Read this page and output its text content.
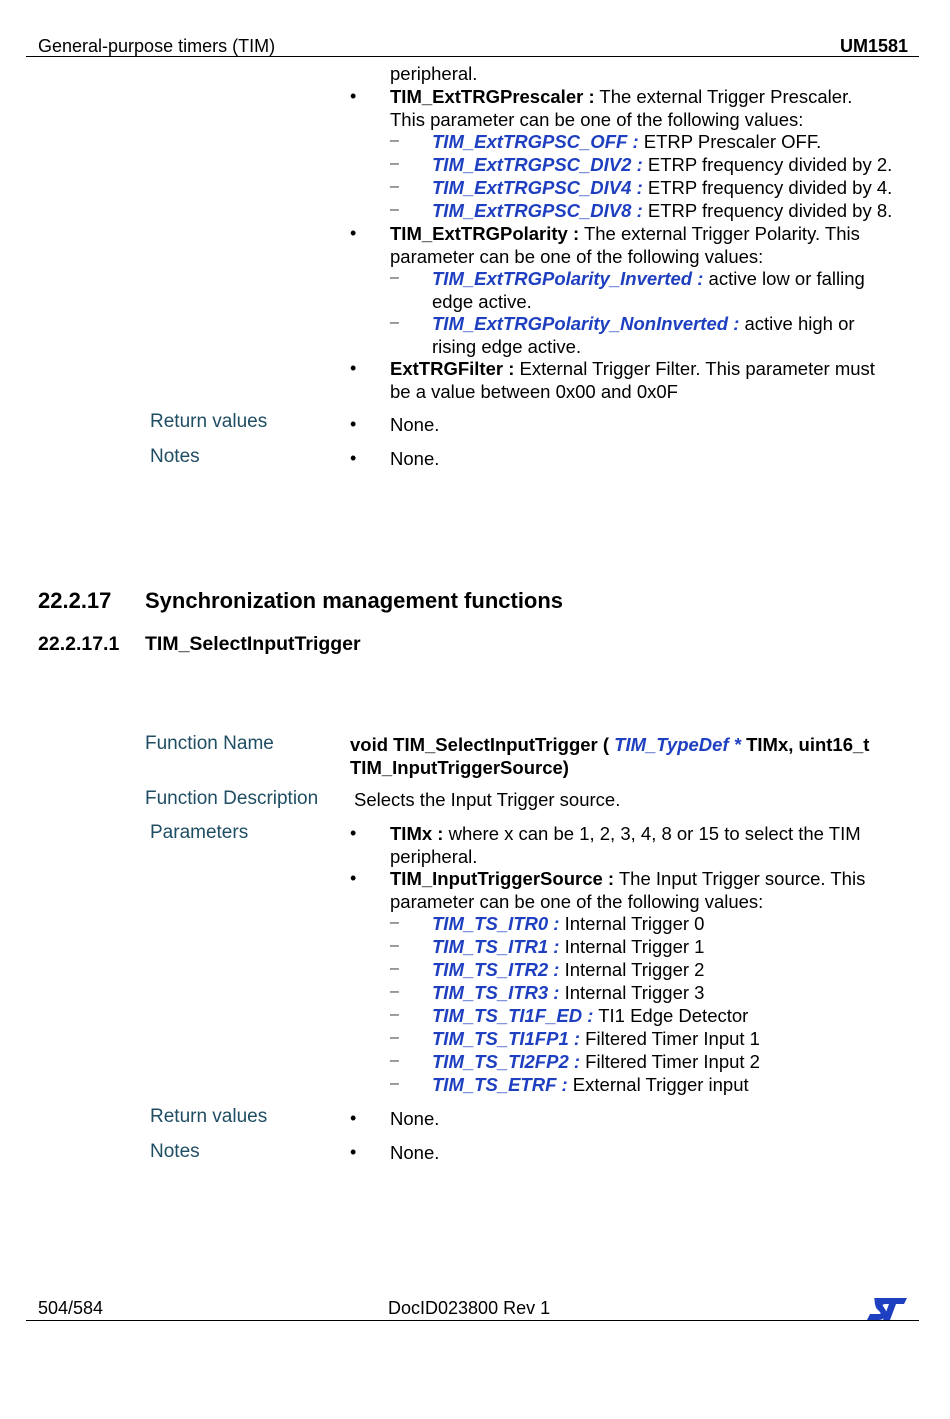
General-purpose timers (TIM)	UM1581
peripheral.
• TIM_ExtTRGPrescaler : The external Trigger Prescaler.
This parameter can be one of the following values:
– TIM_ExtTRGPSC_OFF : ETRP Prescaler OFF.
– TIM_ExtTRGPSC_DIV2 : ETRP frequency divided by 2.
– TIM_ExtTRGPSC_DIV4 : ETRP frequency divided by 4.
– TIM_ExtTRGPSC_DIV8 : ETRP frequency divided by 8.
• TIM_ExtTRGPolarity : The external Trigger Polarity. This
parameter can be one of the following values:
– TIM_ExtTRGPolarity_Inverted : active low or falling
edge active.
– TIM_ExtTRGPolarity_NonInverted : active high or
rising edge active.
• ExtTRGFilter : External Trigger Filter. This parameter must
be a value between 0x00 and 0x0F
Return values	• None.
Notes	• None.
22.2.17 Synchronization management functions
22.2.17.1 TIM_SelectInputTrigger
Function Name	void TIM_SelectInputTrigger ( TIM_TypeDef * TIMx, uint16_t
TIM_InputTriggerSource)
Function Description Selects the Input Trigger source.
Parameters	• TIMx : where x can be 1, 2, 3, 4, 8 or 15 to select the TIM
peripheral.
• TIM_InputTriggerSource : The Input Trigger source. This
parameter can be one of the following values:
– TIM_TS_ITR0 : Internal Trigger 0
– TIM_TS_ITR1 : Internal Trigger 1
– TIM_TS_ITR2 : Internal Trigger 2
– TIM_TS_ITR3 : Internal Trigger 3
– TIM_TS_TI1F_ED : TI1 Edge Detector
– TIM_TS_TI1FP1 : Filtered Timer Input 1
– TIM_TS_TI2FP2 : Filtered Timer Input 2
– TIM_TS_ETRF : External Trigger input
Return values	• None.
Notes	• None.
504/584	DocID023800 Rev 1
